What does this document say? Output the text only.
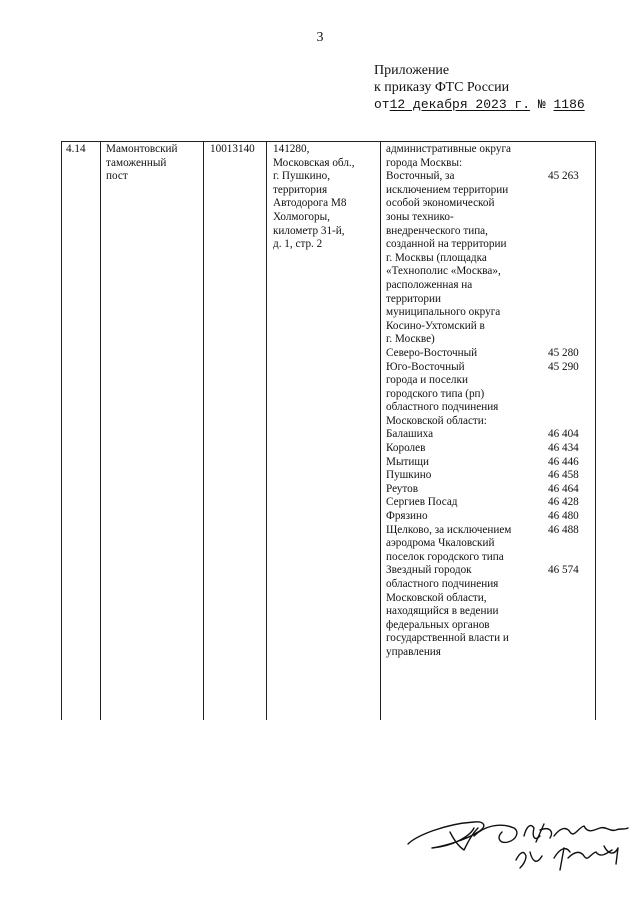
3
Приложение
к приказу ФТС России
от12 декабря 2023 г. № 1186
4.14 Мамонтовский
таможенный
пост
10013140 141280,
Московская обл.,
г. Пушкино,
территория
Автодорога М8
Холмогоры,
километр 31-й,
д. 1, стр. 2
административные округа
города Москвы:
Восточный, за
исключением территории
особой экономической
зоны технико-
внедренческого типа,
созданной на территории
г. Москвы (площадка
«Технополис «Москва»,
расположенная на
территории
муниципального округа
Косино-Ухтомский в
г. Москве)
Северо-Восточный
Юго-Восточный
города и поселки
городского типа (рп)
областного подчинения
Московской области:
Балашиха
Королев
Мытищи
Пушкино
Реутов
Сергиев Посад
Фрязино
Щелково, за исключением
аэродрома Чкаловский
поселок городского типа
Звездный городок
областного подчинения
Московской области,
находящийся в ведении
федеральных органов
государственной власти и
управления
45 263
45 280
45 290
46 404
46 434
46 446
46 458
46 464
46 428
46 480
46 488
46 574
